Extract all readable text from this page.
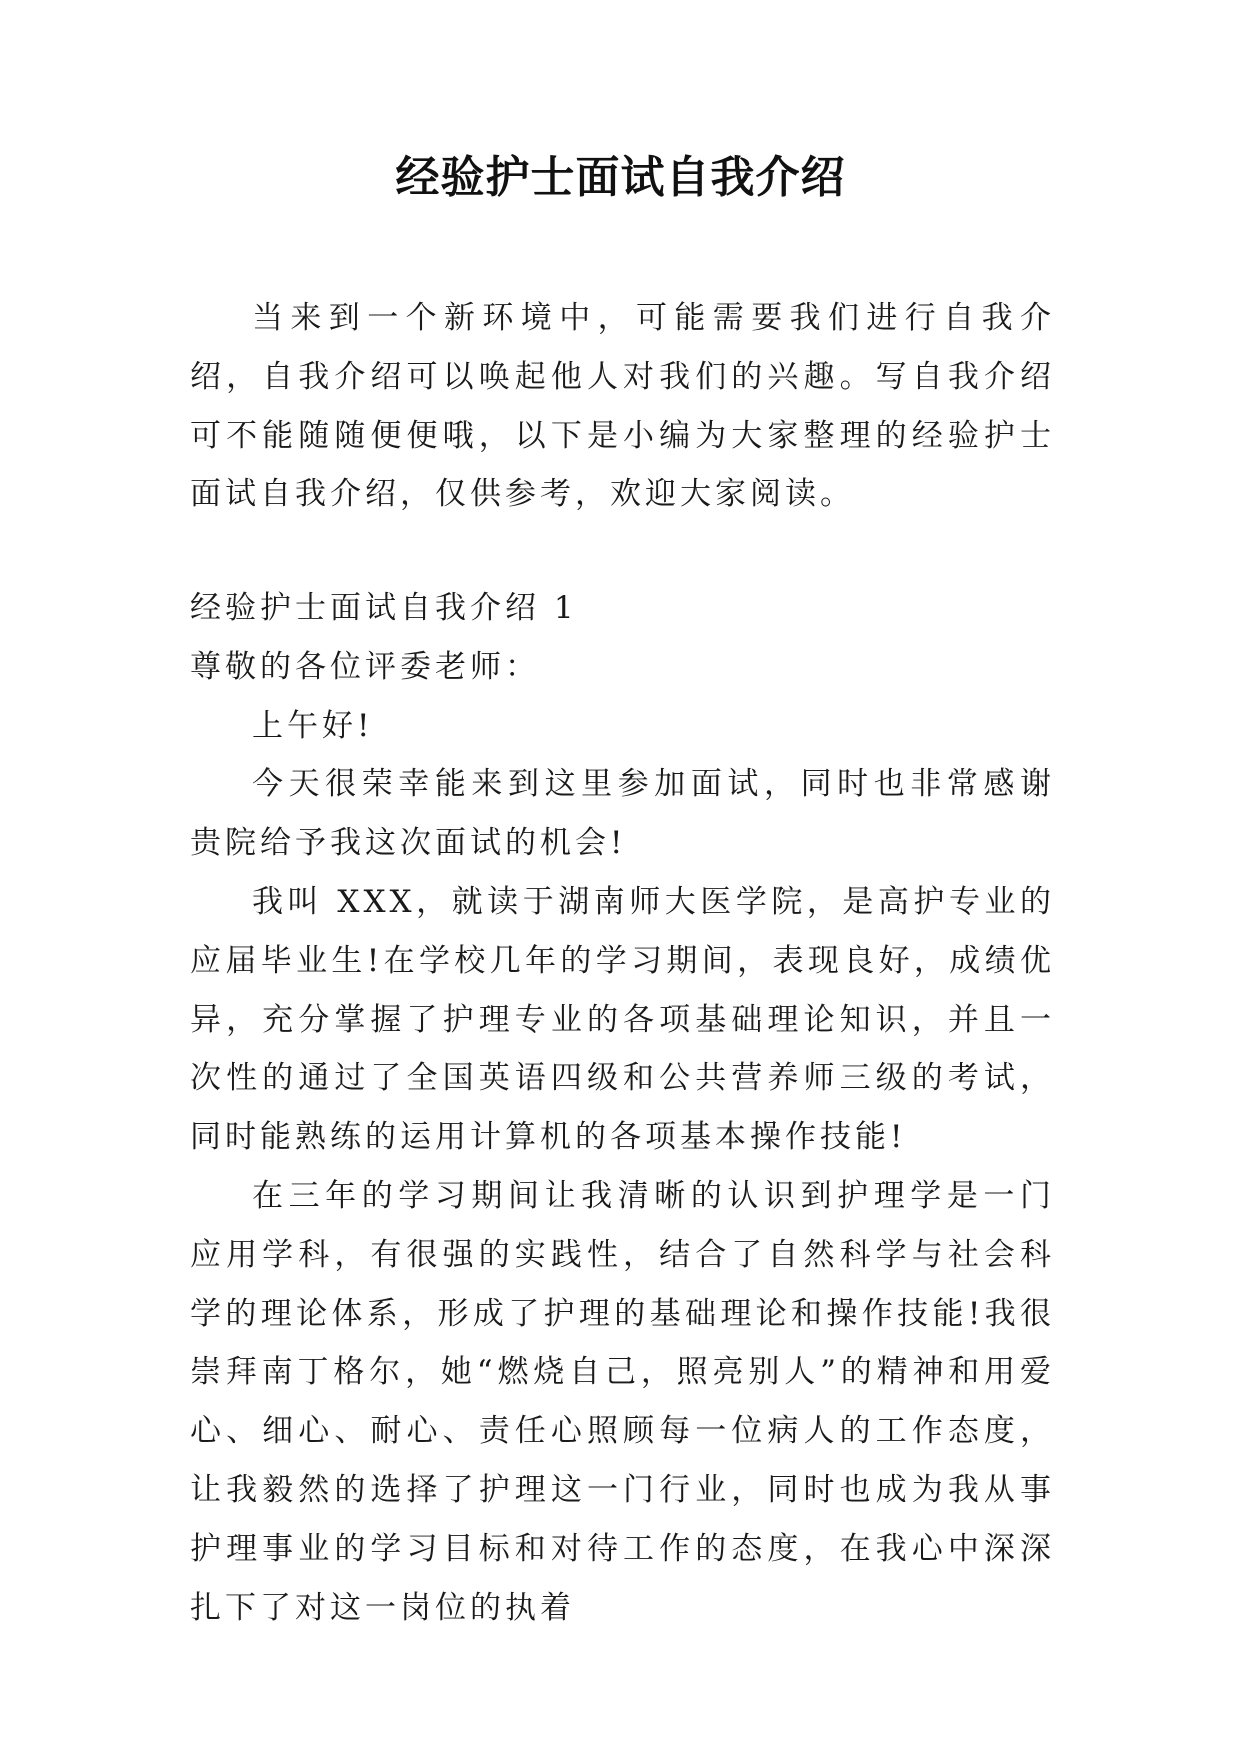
经验护士面试自我介绍

当来到一个新环境中，可能需要我们进行自我介绍，自我介绍可以唤起他人对我们的兴趣。写自我介绍可不能随随便便哦，以下是小编为大家整理的经验护士面试自我介绍，仅供参考，欢迎大家阅读。

经验护士面试自我介绍 1

尊敬的各位评委老师：

上午好!

今天很荣幸能来到这里参加面试，同时也非常感谢贵院给予我这次面试的机会!

我叫 XXX，就读于湖南师大医学院，是高护专业的应届毕业生!在学校几年的学习期间，表现良好，成绩优异，充分掌握了护理专业的各项基础理论知识，并且一次性的通过了全国英语四级和公共营养师三级的考试，同时能熟练的运用计算机的各项基本操作技能!

在三年的学习期间让我清晰的认识到护理学是一门应用学科，有很强的实践性，结合了自然科学与社会科学的理论体系，形成了护理的基础理论和操作技能!我很崇拜南丁格尔，她“燃烧自己，照亮别人”的精神和用爱心、细心、耐心、责任心照顾每一位病人的工作态度，让我毅然的选择了护理这一门行业，同时也成为我从事护理事业的学习目标和对待工作的态度，在我心中深深扎下了对这一岗位的执着
